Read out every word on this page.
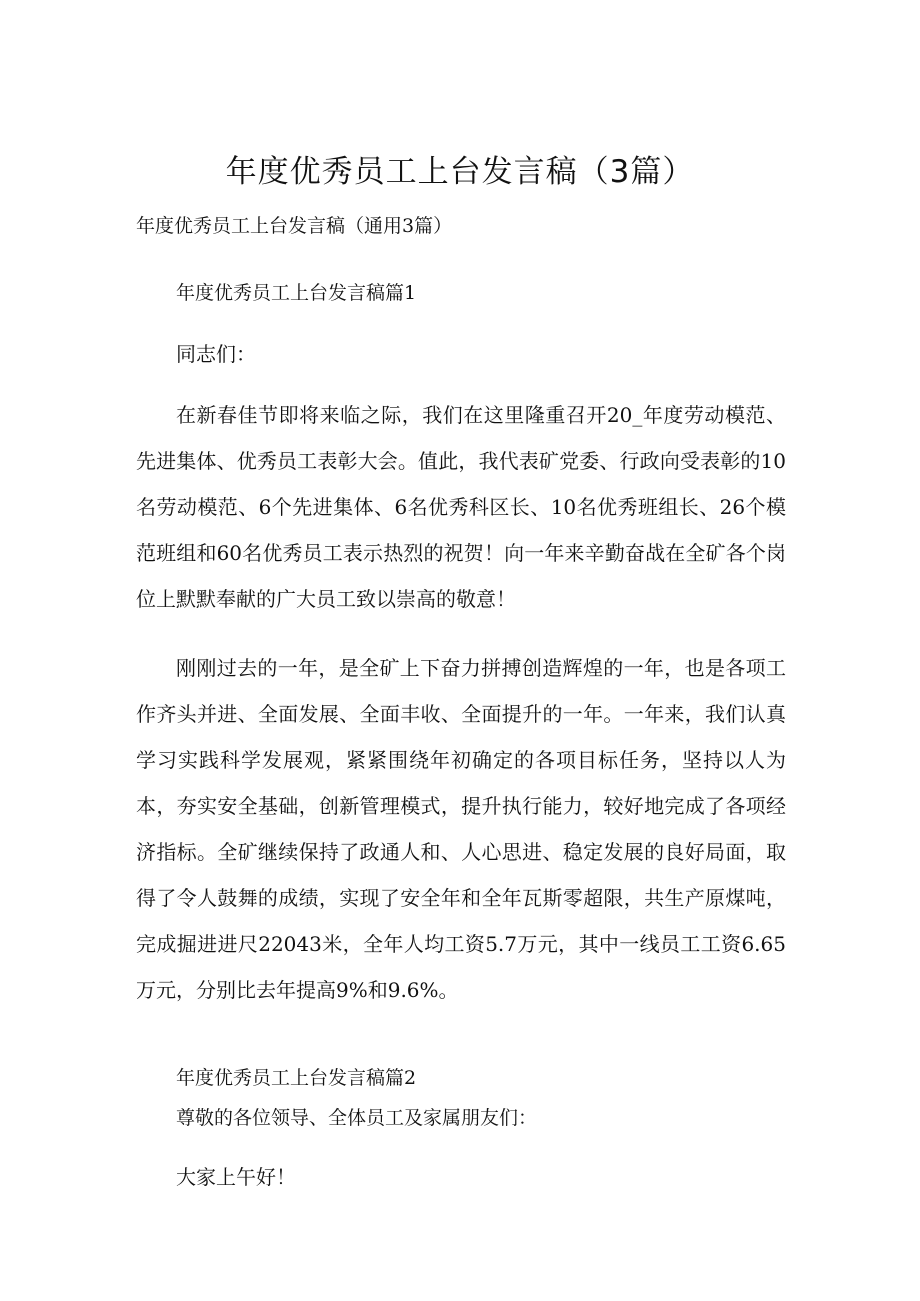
年度优秀员工上台发言稿（3篇）
年度优秀员工上台发言稿（通用3篇）
年度优秀员工上台发言稿篇1
同志们：

在新春佳节即将来临之际，我们在这里隆重召开20_年度劳动模范、先进集体、优秀员工表彰大会。值此，我代表矿党委、行政向受表彰的10名劳动模范、6个先进集体、6名优秀科区长、10名优秀班组长、26个模范班组和60名优秀员工表示热烈的祝贺！向一年来辛勤奋战在全矿各个岗位上默默奉献的广大员工致以崇高的敬意！

刚刚过去的一年，是全矿上下奋力拼搏创造辉煌的一年，也是各项工作齐头并进、全面发展、全面丰收、全面提升的一年。一年来，我们认真学习实践科学发展观，紧紧围绕年初确定的各项目标任务，坚持以人为本，夯实安全基础，创新管理模式，提升执行能力，较好地完成了各项经济指标。全矿继续保持了政通人和、人心思进、稳定发展的良好局面，取得了令人鼓舞的成绩，实现了安全年和全年瓦斯零超限，共生产原煤吨，完成掘进进尺22043米，全年人均工资5.7万元，其中一线员工工资6.65万元，分别比去年提高9%和9.6%。

年度优秀员工上台发言稿篇2
尊敬的各位领导、全体员工及家属朋友们：
大家上午好！
